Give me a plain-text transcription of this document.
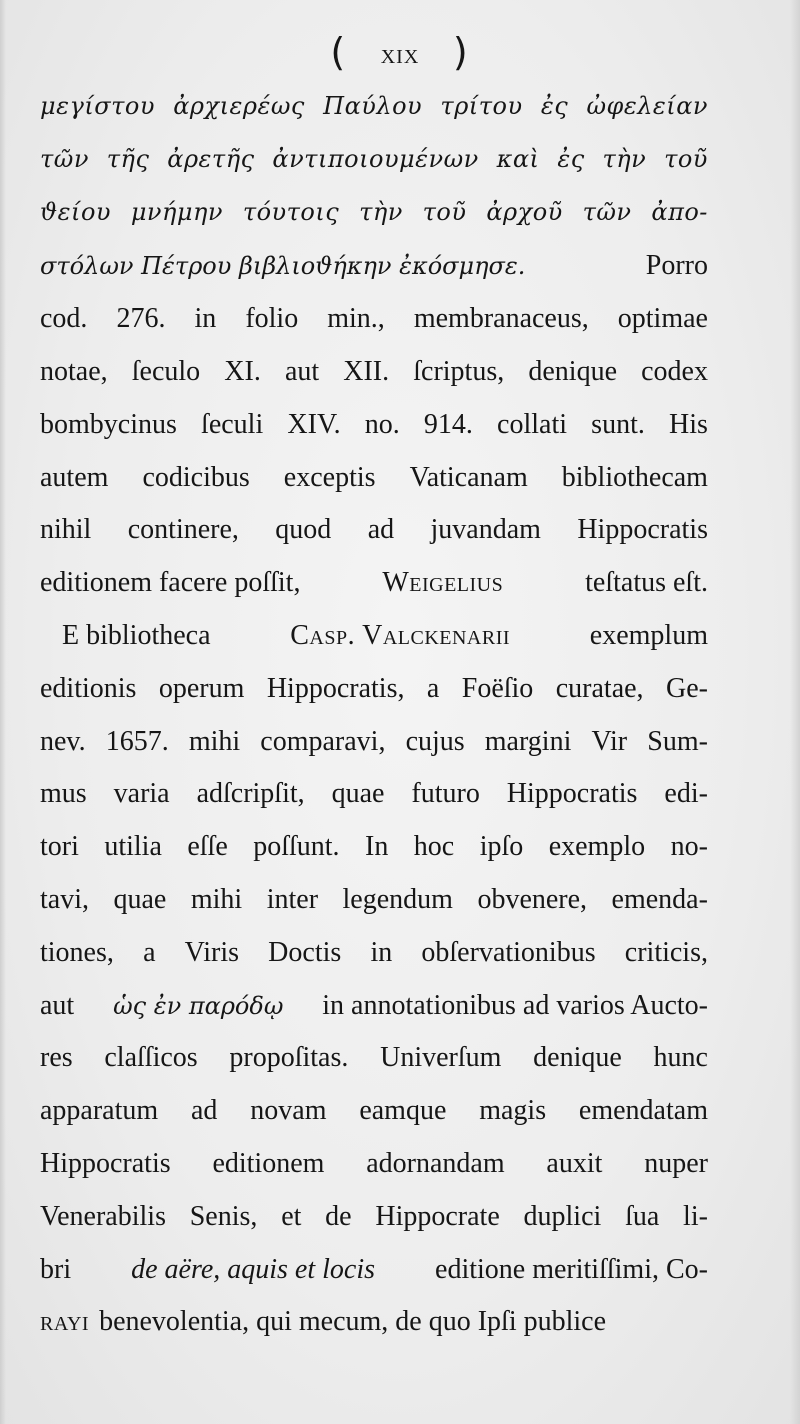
( XIX )
μεγίστου ἀρχιερέως Παύλου τρίτου ἐς ὠφελείαν
τῶν τῆς ἀρετῆς ἀντιποιουμένων καὶ ἐς τὴν τοῦ
ϑείου μνήμην τόυτοις τὴν τοῦ ἀρχοῦ τῶν ἀπο-
στόλων Πέτρου βιβλιοϑήκην ἐκόσμησε.	Porro
cod. 276. in folio min., membranaceus, optimae
notae, ſeculo XI. aut XII. ſcriptus, denique codex
bombycinus ſeculi XIV. no. 914. collati sunt. His
autem codicibus exceptis Vaticanam bibliothecam
nihil continere, quod ad juvandam Hippocratis
editionem facere poſſit,	Weigelius	teſtatus eſt.
E bibliotheca	Casp. Valckenarii	exemplum
editionis operum Hippocratis, a Foëſio curatae, Ge-
nev. 1657. mihi comparavi, cujus margini Vir Sum-
mus varia adſcripſit, quae futuro Hippocratis edi-
tori utilia eſſe poſſunt. In hoc ipſo exemplo no-
tavi, quae mihi inter legendum obvenere, emenda-
tiones, a Viris Doctis in obſervationibus criticis,
aut ὡς ἐν παρόδῳ in annotationibus ad varios Aucto-
res claſſicos propoſitas. Univerſum denique hunc
apparatum ad novam eamque magis emendatam
Hippocratis editionem adornandam auxit nuper
Venerabilis Senis, et de Hippocrate duplici ſua li-
bri de aëre, aquis et locis editione meritiſſimi, Co-
rayi benevolentia, qui mecum, de quo Ipſi publice
